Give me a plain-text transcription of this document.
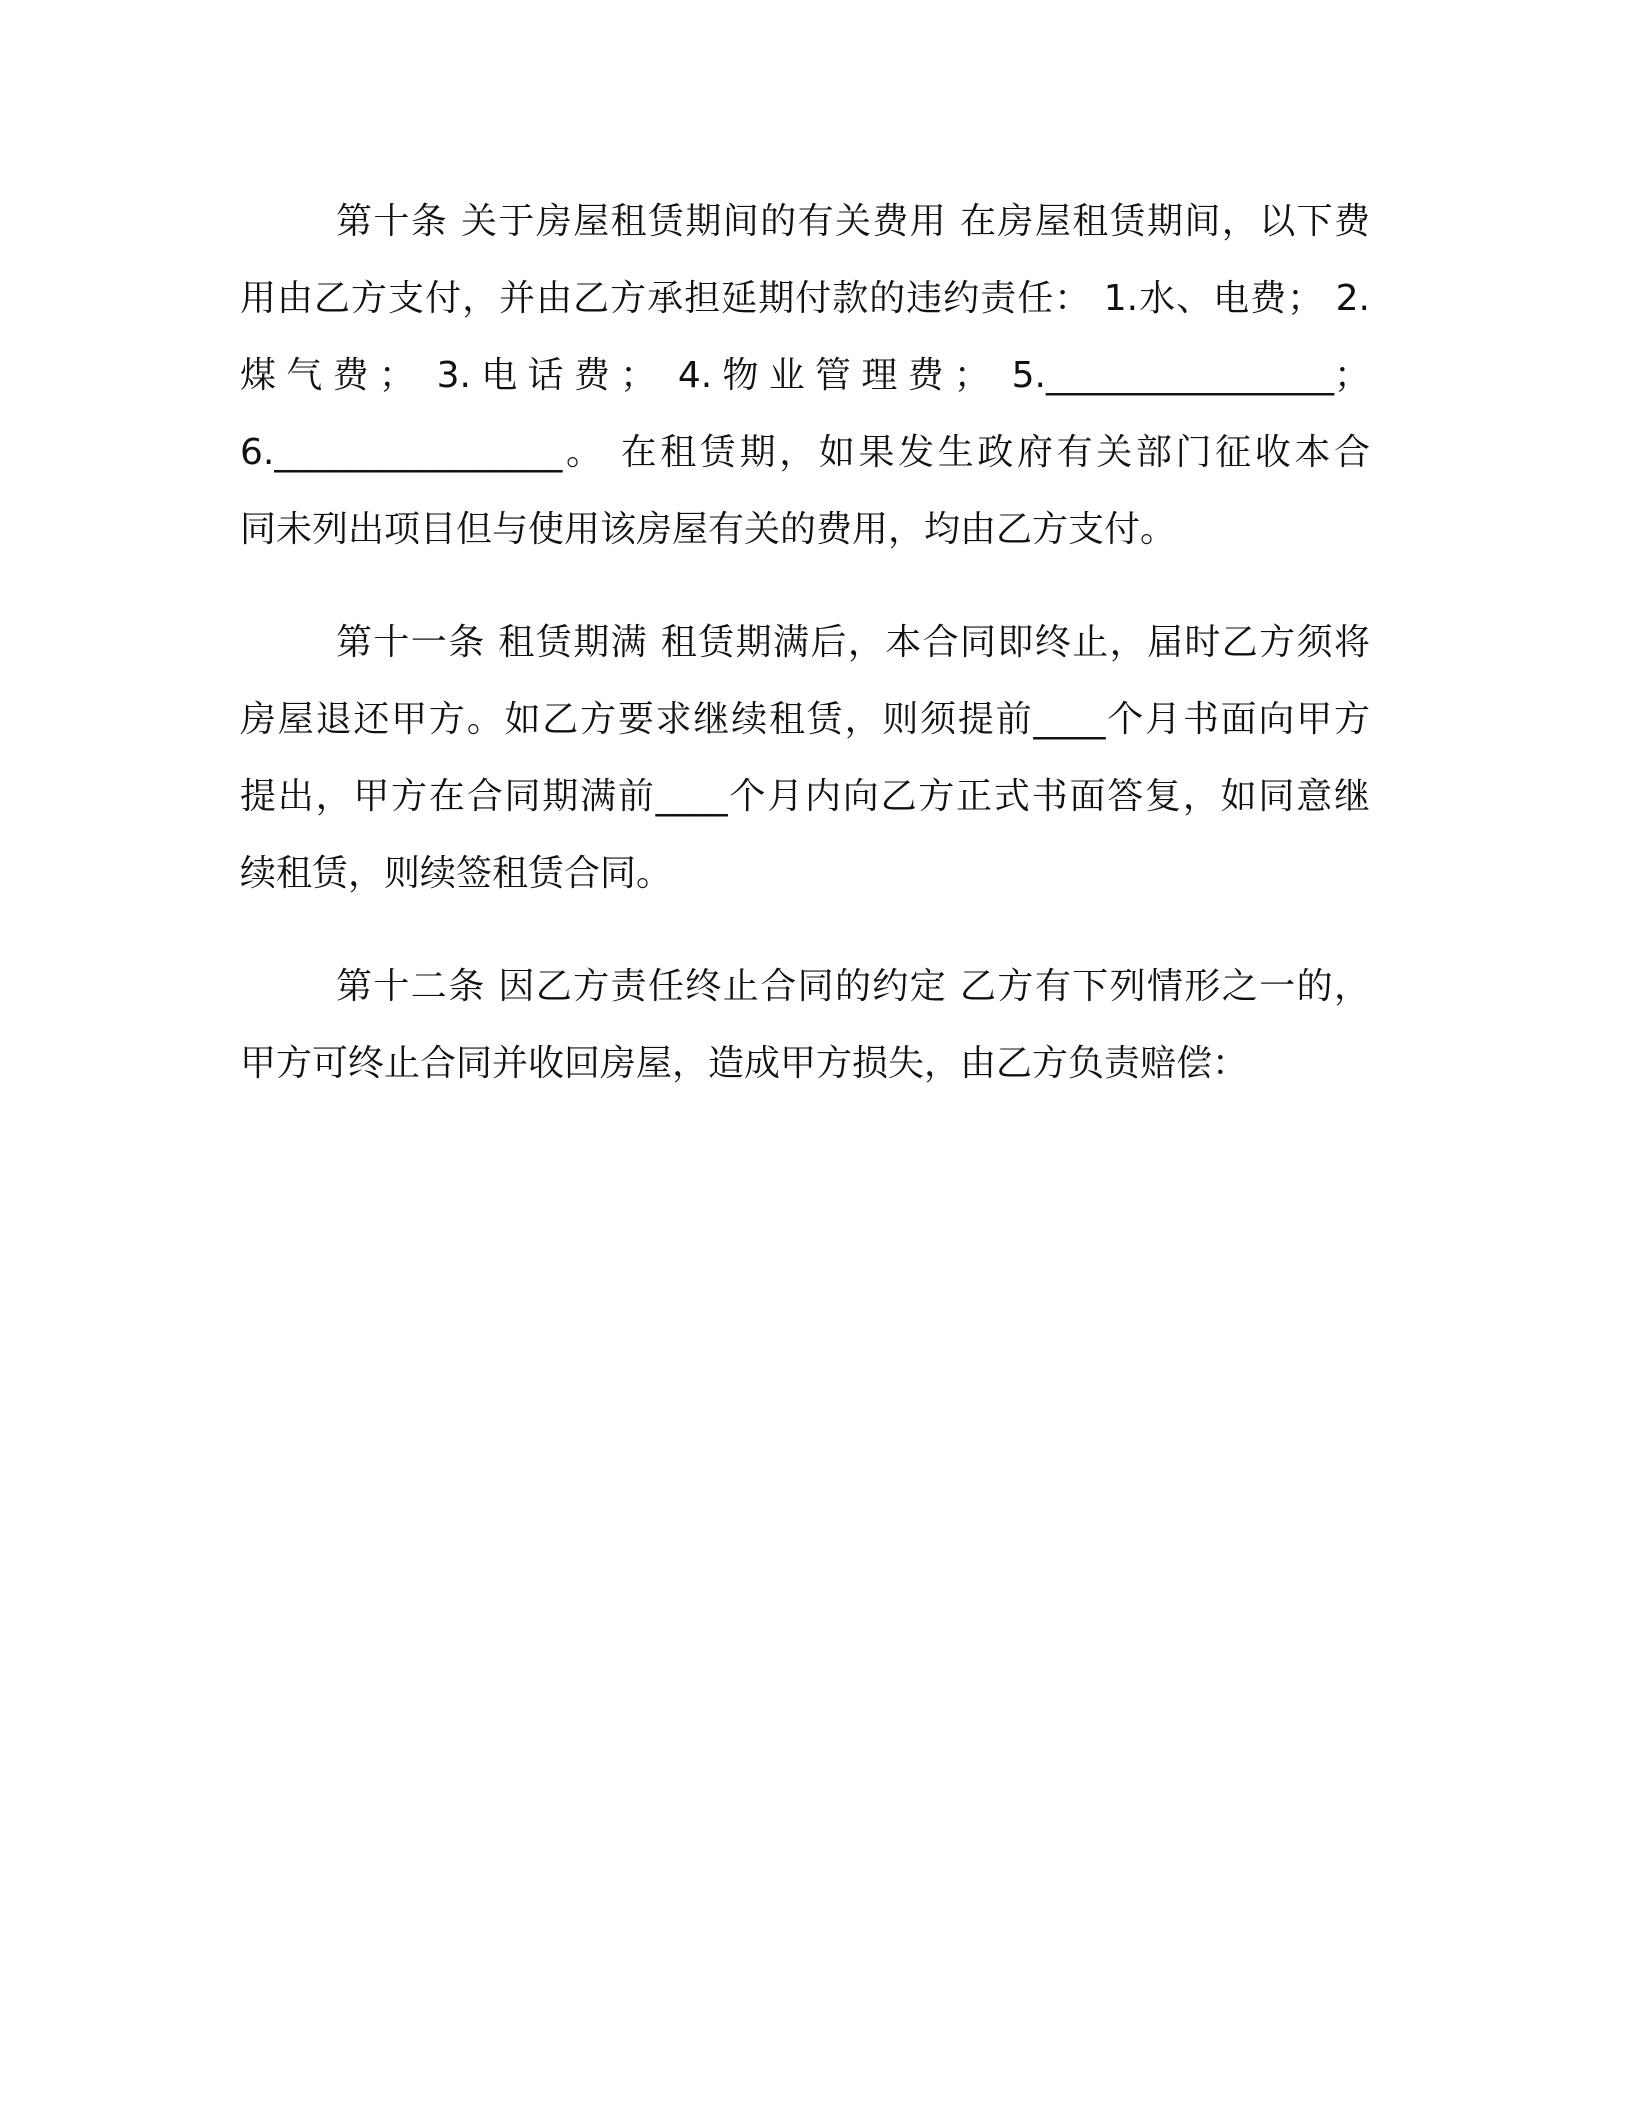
第十条 关于房屋租赁期间的有关费用 在房屋租赁期间，以下费
用由乙方支付，并由乙方承担延期付款的违约责任： 1.水、电费； 2.
煤气费； 3.电话费； 4.物业管理费； 5.________________；
6.________________。 在租赁期，如果发生政府有关部门征收本合
同未列出项目但与使用该房屋有关的费用，均由乙方支付。

第十一条 租赁期满 租赁期满后，本合同即终止，届时乙方须将
房屋退还甲方。如乙方要求继续租赁，则须提前____个月书面向甲方
提出，甲方在合同期满前____个月内向乙方正式书面答复，如同意继
续租赁，则续签租赁合同。

第十二条 因乙方责任终止合同的约定 乙方有下列情形之一的，
甲方可终止合同并收回房屋，造成甲方损失，由乙方负责赔偿：
